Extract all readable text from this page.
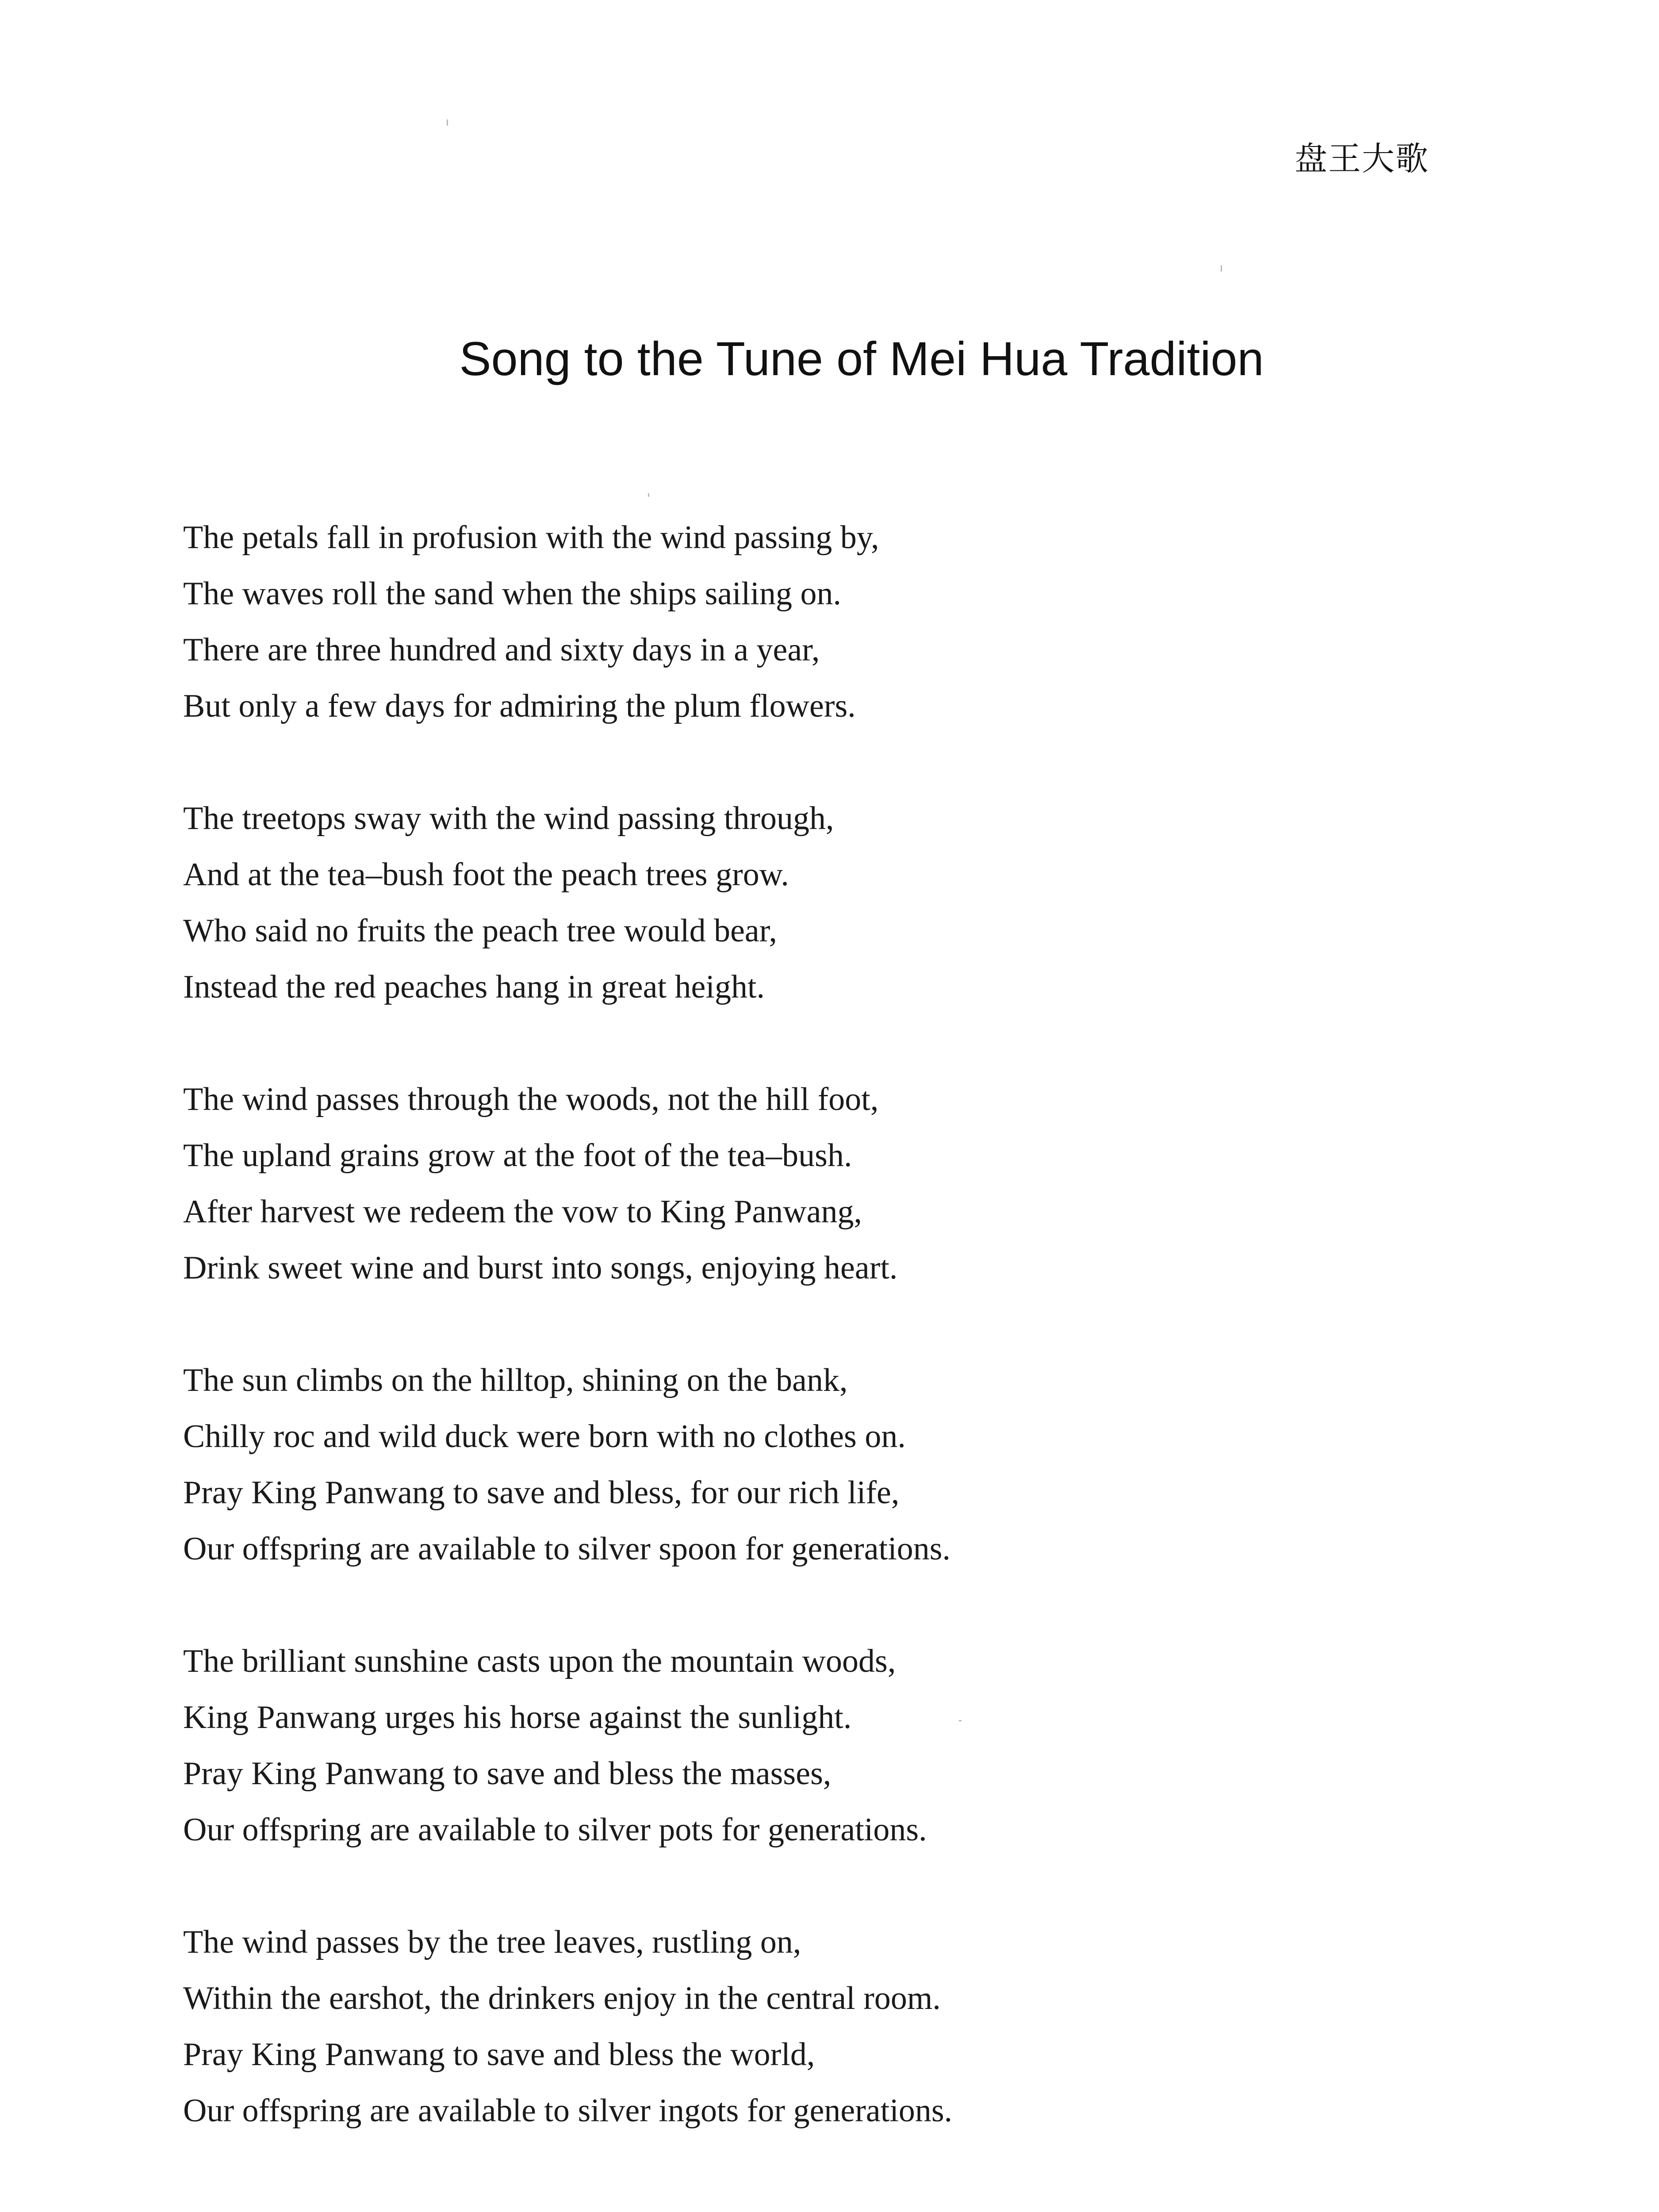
盘王大歌
Song to the Tune of Mei Hua Tradition
The petals fall in profusion with the wind passing by,
The waves roll the sand when the ships sailing on.
There are three hundred and sixty days in a year,
But only a few days for admiring the plum flowers.
The treetops sway with the wind passing through,
And at the tea–bush foot the peach trees grow.
Who said no fruits the peach tree would bear,
Instead the red peaches hang in great height.
The wind passes through the woods, not the hill foot,
The upland grains grow at the foot of the tea–bush.
After harvest we redeem the vow to King Panwang,
Drink sweet wine and burst into songs, enjoying heart.
The sun climbs on the hilltop, shining on the bank,
Chilly roc and wild duck were born with no clothes on.
Pray King Panwang to save and bless, for our rich life,
Our offspring are available to silver spoon for generations.
The brilliant sunshine casts upon the mountain woods,
King Panwang urges his horse against the sunlight.
Pray King Panwang to save and bless the masses,
Our offspring are available to silver pots for generations.
The wind passes by the tree leaves, rustling on,
Within the earshot, the drinkers enjoy in the central room.
Pray King Panwang to save and bless the world,
Our offspring are available to silver ingots for generations.
